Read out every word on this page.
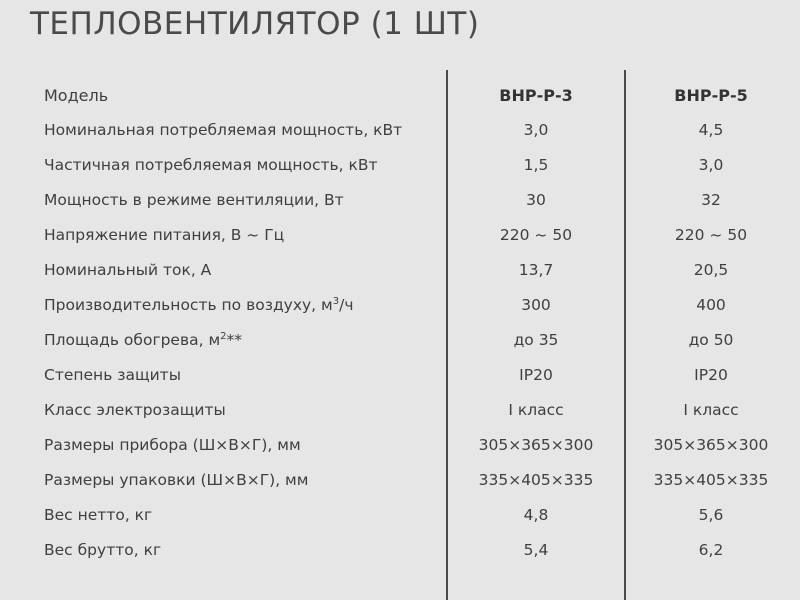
ТЕПЛОВЕНТИЛЯТОР (1 ШТ)
Модель	ВНР-Р-3	ВНР-Р-5
Номинальная потребляемая мощность, кВт	3,0	4,5
Частичная потребляемая мощность, кВт	1,5	3,0
Мощность в режиме вентиляции, Вт	30	32
Напряжение питания, В ~ Гц	220 ~ 50	220 ~ 50
Номинальный ток, А	13,7	20,5
Производительность по воздуху, $м^3/ч$	300	400
Площадь обогрева, $м^2**$	до 35	до 50
Степень защиты	IP20	IP20
Класс электрозащиты	I класс	I класс
Размеры прибора (Ш×В×Г), мм	305×365×300	305×365×300
Размеры упаковки (Ш×В×Г), мм	335×405×335	335×405×335
Вес нетто, кг	4,8	5,6
Вес брутто, кг	5,4	6,2
